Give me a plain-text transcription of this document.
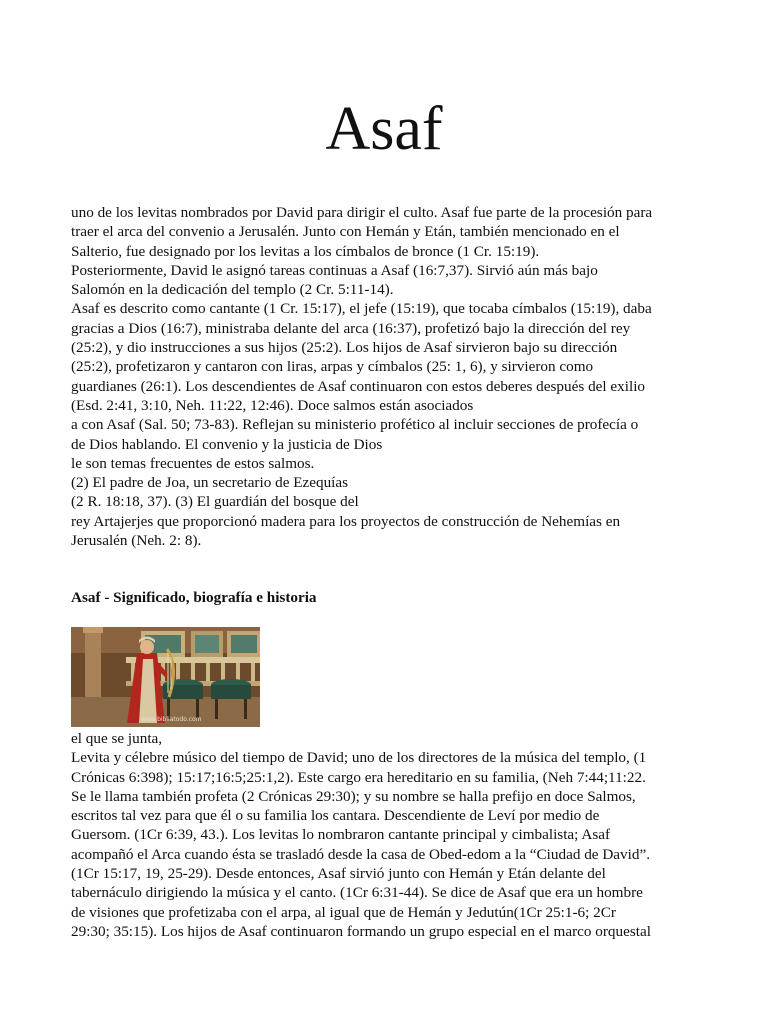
Asaf
uno de los levitas nombrados por David para dirigir el culto. Asaf fue parte de la procesión para
traer el arca del convenio a Jerusalén. Junto con Hemán y Etán, también mencionado en el
Salterio, fue designado por los levitas a los címbalos de bronce (1 Cr. 15:19).
Posteriormente, David le asignó tareas continuas a Asaf (16:7,37). Sirvió aún más bajo
Salomón en la dedicación del templo (2 Cr. 5:11-14).
Asaf es descrito como cantante (1 Cr. 15:17), el jefe (15:19), que tocaba címbalos (15:19), daba
gracias a Dios (16:7), ministraba delante del arca (16:37), profetizó bajo la dirección del rey
(25:2), y dio instrucciones a sus hijos (25:2). Los hijos de Asaf sirvieron bajo su dirección
(25:2), profetizaron y cantaron con liras, arpas y címbalos (25: 1, 6), y sirvieron como
guardianes (26:1). Los descendientes de Asaf continuaron con estos deberes después del exilio
(Esd. 2:41, 3:10, Neh. 11:22, 12:46). Doce salmos están asociados
a con Asaf (Sal. 50; 73-83). Reflejan su ministerio profético al incluir secciones de profecía o
de Dios hablando. El convenio y la justicia de Dios
le son temas frecuentes de estos salmos.
(2) El padre de Joa, un secretario de Ezequías
(2 R. 18:18, 37). (3) El guardián del bosque del
rey Artajerjes que proporcionó madera para los proyectos de construcción de Nehemías en
Jerusalén (Neh. 2: 8).
Asaf - Significado, biografía e historia
www.bibliatodo.com
el que se junta,
Levita y célebre músico del tiempo de David; uno de los directores de la música del templo, (1
Crónicas 6:398); 15:17;16:5;25:1,2). Este cargo era hereditario en su familia, (Neh 7:44;11:22.
Se le llama también profeta (2 Crónicas 29:30); y su nombre se halla prefijo en doce Salmos,
escritos tal vez para que él o su familia los cantara. Descendiente de Leví por medio de
Guersom. (1Cr 6:39, 43.). Los levitas lo nombraron cantante principal y cimbalista; Asaf
acompañó el Arca cuando ésta se trasladó desde la casa de Obed-edom a la “Ciudad de David”.
(1Cr 15:17, 19, 25-29). Desde entonces, Asaf sirvió junto con Hemán y Etán delante del
tabernáculo dirigiendo la música y el canto. (1Cr 6:31-44). Se dice de Asaf que era un hombre
de visiones que profetizaba con el arpa, al igual que de Hemán y Jedutún(1Cr 25:1-6; 2Cr
29:30; 35:15). Los hijos de Asaf continuaron formando un grupo especial en el marco orquestal
